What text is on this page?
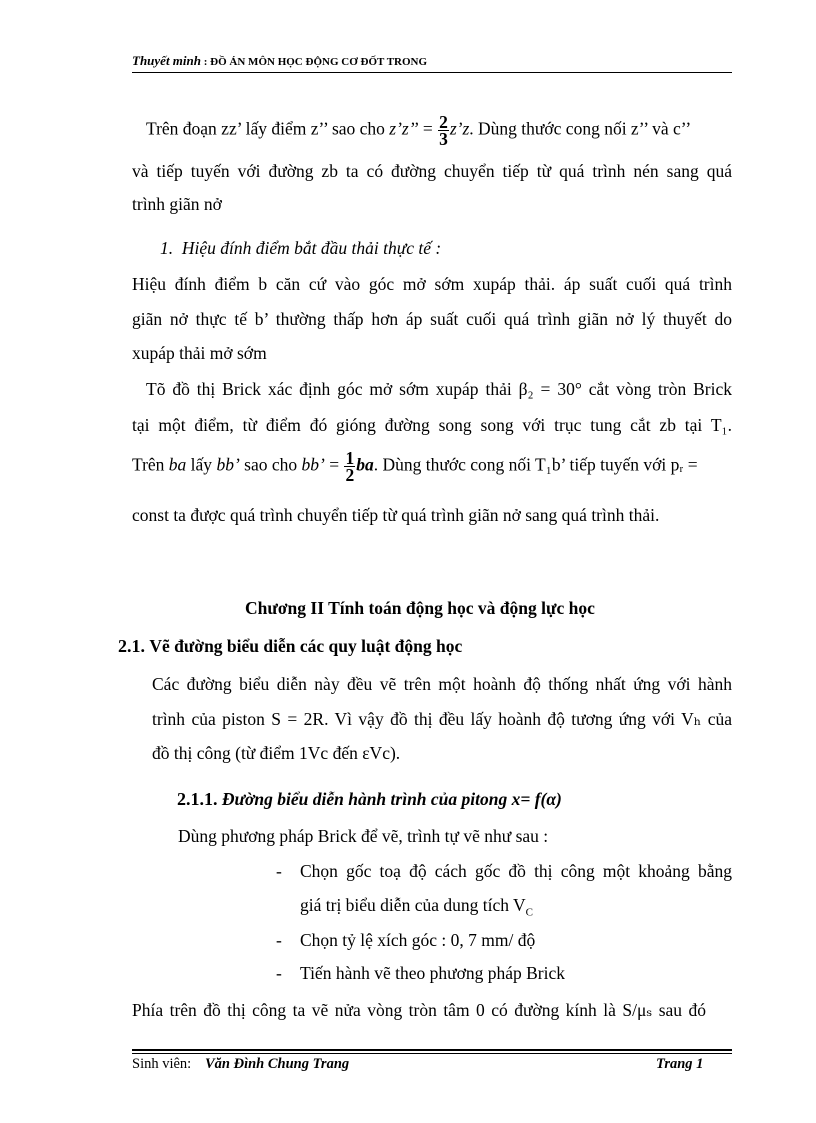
Thuyết minh : ĐỒ ÁN MÔN HỌC ĐỘNG CƠ ĐỐT TRONG
Trên đoạn zz’ lấy điểm z’’ sao cho z’z’’ = $\frac{2}{3}$ z’z. Dùng thước cong nối z’’ và c’’
và tiếp tuyến với đường zb ta có đường chuyển tiếp từ quá trình nén sang quá
trình giãn nở
1. Hiệu đính điểm bắt đầu thải thực tế :
Hiệu đính điểm b căn cứ vào góc mở sớm xupáp thải. áp suất cuối quá trình
giãn nở thực tế b’ thường thấp hơn áp suất cuối quá trình giãn nở lý thuyết do
xupáp thải mở sớm
Tõ đồ thị Brick xác định góc mở sớm xupáp thải β₂ = 30° cắt vòng tròn Brick
tại một điểm, từ điểm đó gióng đường song song với trục tung cắt zb tại T₁.
Trên ba lấy bb’ sao cho bb’ = $\frac{1}{2}$ ba. Dùng thước cong nối T₁b’ tiếp tuyến với pᵣ =
const ta được quá trình chuyển tiếp từ quá trình giãn nở sang quá trình thải.
Chương II Tính toán động học và động lực học
2.1. Vẽ đường biểu diễn các quy luật động học
Các đường biểu diễn này đều vẽ trên một hoành độ thống nhất ứng với hành
trình của piston S = 2R. Vì vậy đồ thị đều lấy hoành độ tương ứng với Vₕ của
đồ thị công (từ điểm 1Vc đến εVc).
2.1.1. Đường biểu diễn hành trình của pitong x= f(α)
Dùng phương pháp Brick để vẽ, trình tự vẽ như sau :
- Chọn gốc toạ độ cách gốc đồ thị công một khoảng bằng
giá trị biểu diễn của dung tích $V_C$
- Chọn tỷ lệ xích góc : 0, 7 mm/ độ
- Tiến hành vẽ theo phương pháp Brick
Phía trên đồ thị công ta vẽ nửa vòng tròn tâm 0 có đường kính là S/μₛ sau đó
Sinh viên: Văn Đình Chung Trang	Trang 1
